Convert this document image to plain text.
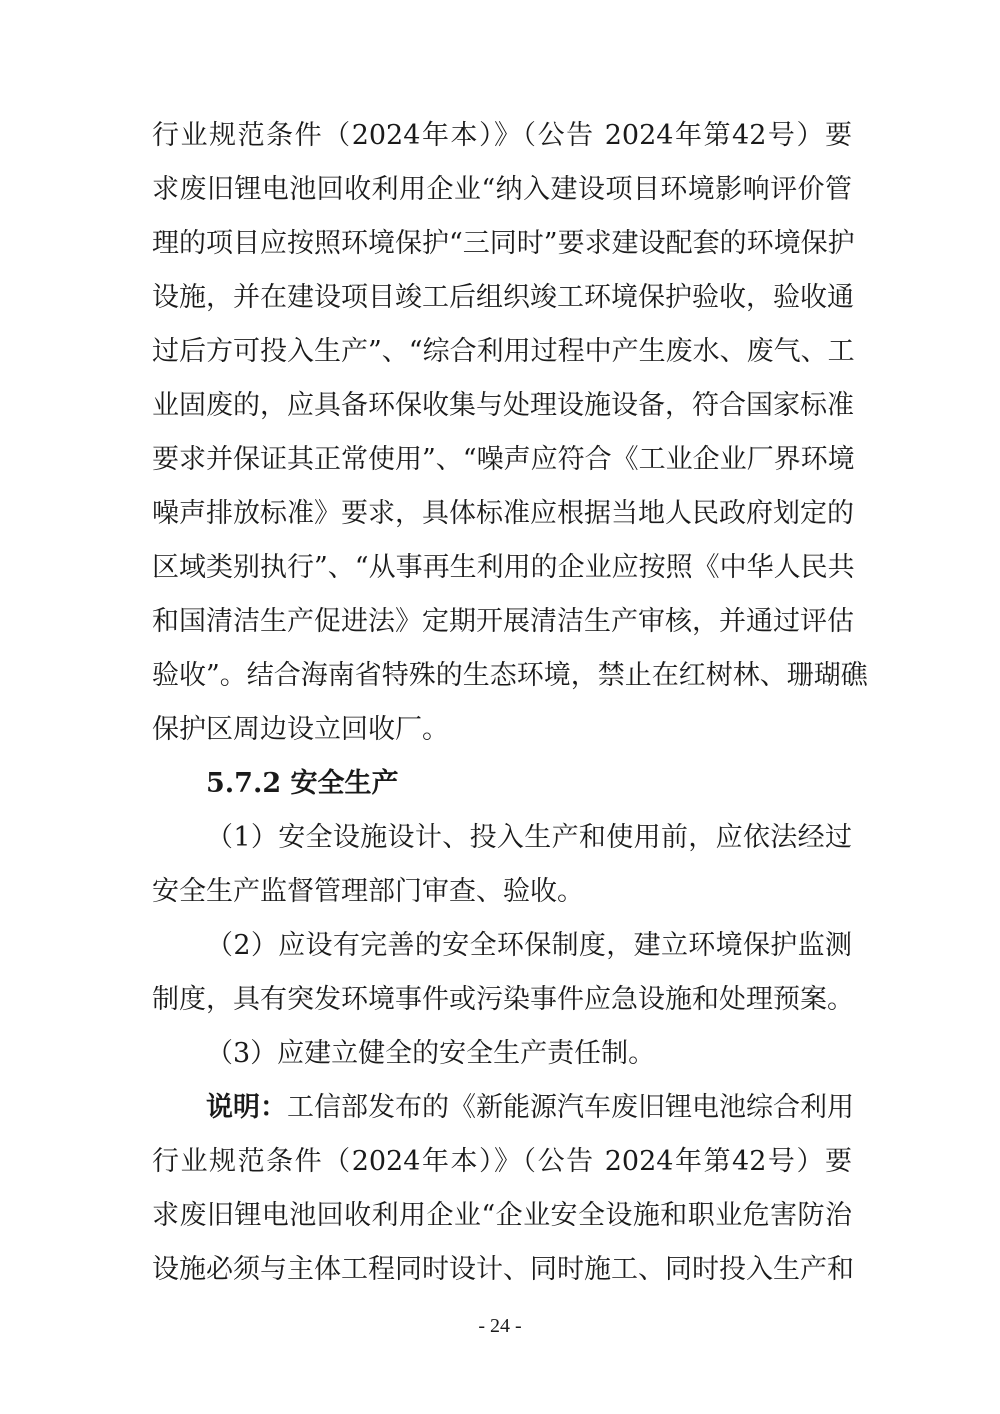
行业规范条件（2024年本）》（公告 2024年第42号）要
求废旧锂电池回收利用企业“纳入建设项目环境影响评价管
理的项目应按照环境保护“三同时”要求建设配套的环境保护
设施，并在建设项目竣工后组织竣工环境保护验收，验收通
过后方可投入生产”、“综合利用过程中产生废水、废气、工
业固废的，应具备环保收集与处理设施设备，符合国家标准
要求并保证其正常使用”、“噪声应符合《工业企业厂界环境
噪声排放标准》要求，具体标准应根据当地人民政府划定的
区域类别执行”、“从事再生利用的企业应按照《中华人民共
和国清洁生产促进法》定期开展清洁生产审核，并通过评估
验收”。结合海南省特殊的生态环境，禁止在红树林、珊瑚礁
保护区周边设立回收厂。
5.7.2 安全生产
（1）安全设施设计、投入生产和使用前，应依法经过
安全生产监督管理部门审查、验收。
（2）应设有完善的安全环保制度，建立环境保护监测
制度，具有突发环境事件或污染事件应急设施和处理预案。
（3）应建立健全的安全生产责任制。
说明：工信部发布的《新能源汽车废旧锂电池综合利用
行业规范条件（2024年本）》（公告 2024年第42号）要
求废旧锂电池回收利用企业“企业安全设施和职业危害防治
设施必须与主体工程同时设计、同时施工、同时投入生产和
- 24 -
